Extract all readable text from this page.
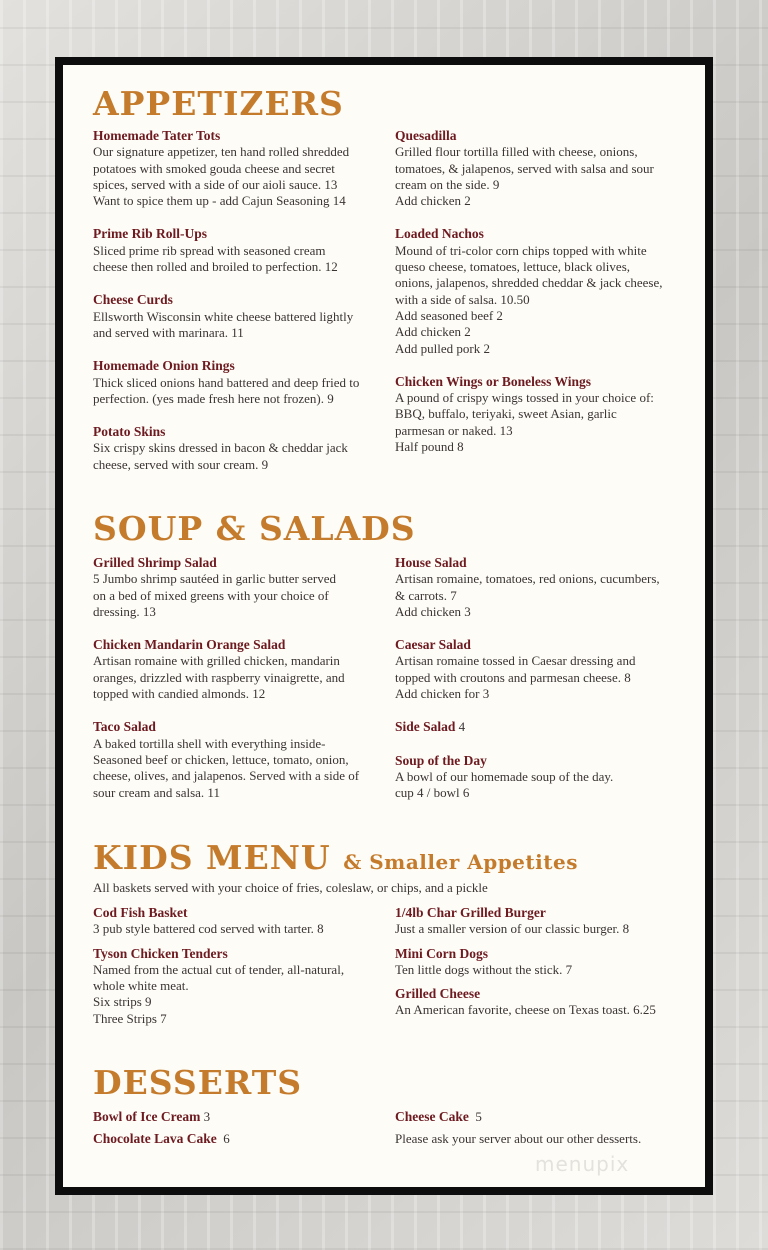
APPETIZERS
Homemade Tater Tots
Our signature appetizer, ten hand rolled shredded
potatoes with smoked gouda cheese and secret
spices, served with a side of our aioli sauce. 13
Want to spice them up - add Cajun Seasoning 14
Prime Rib Roll-Ups
Sliced prime rib spread with seasoned cream
cheese then rolled and broiled to perfection. 12
Cheese Curds
Ellsworth Wisconsin white cheese battered lightly
and served with marinara. 11
Homemade Onion Rings
Thick sliced onions hand battered and deep fried to
perfection. (yes made fresh here not frozen). 9
Potato Skins
Six crispy skins dressed in bacon & cheddar jack
cheese, served with sour cream. 9
Quesadilla
Grilled flour tortilla filled with cheese, onions,
tomatoes, & jalapenos, served with salsa and sour
cream on the side. 9
Add chicken 2
Loaded Nachos
Mound of tri-color corn chips topped with white
queso cheese, tomatoes, lettuce, black olives,
onions, jalapenos, shredded cheddar & jack cheese,
with a side of salsa. 10.50
Add seasoned beef 2
Add chicken 2
Add pulled pork 2
Chicken Wings or Boneless Wings
A pound of crispy wings tossed in your choice of:
BBQ, buffalo, teriyaki, sweet Asian, garlic
parmesan or naked. 13
Half pound 8
SOUP & SALADS
Grilled Shrimp Salad
5 Jumbo shrimp sautéed in garlic butter served
on a bed of mixed greens with your choice of
dressing. 13
Chicken Mandarin Orange Salad
Artisan romaine with grilled chicken, mandarin
oranges, drizzled with raspberry vinaigrette, and
topped with candied almonds. 12
Taco Salad
A baked tortilla shell with everything inside-
Seasoned beef or chicken, lettuce, tomato, onion,
cheese, olives, and jalapenos. Served with a side of
sour cream and salsa. 11
House Salad
Artisan romaine, tomatoes, red onions, cucumbers,
& carrots. 7
Add chicken 3
Caesar Salad
Artisan romaine tossed in Caesar dressing and
topped with croutons and parmesan cheese. 8
Add chicken for 3
Side Salad 4
Soup of the Day
A bowl of our homemade soup of the day.
cup 4 / bowl 6
KIDS MENU & Smaller Appetites
All baskets served with your choice of fries, coleslaw, or chips, and a pickle
Cod Fish Basket
3 pub style battered cod served with tarter. 8
Tyson Chicken Tenders
Named from the actual cut of tender, all-natural,
whole white meat.
Six strips 9
Three Strips 7
1/4lb Char Grilled Burger
Just a smaller version of our classic burger. 8
Mini Corn Dogs
Ten little dogs without the stick. 7
Grilled Cheese
An American favorite, cheese on Texas toast. 6.25
DESSERTS
Bowl of Ice Cream 3
Chocolate Lava Cake  6
Cheese Cake  5
Please ask your server about our other desserts.
menupix
